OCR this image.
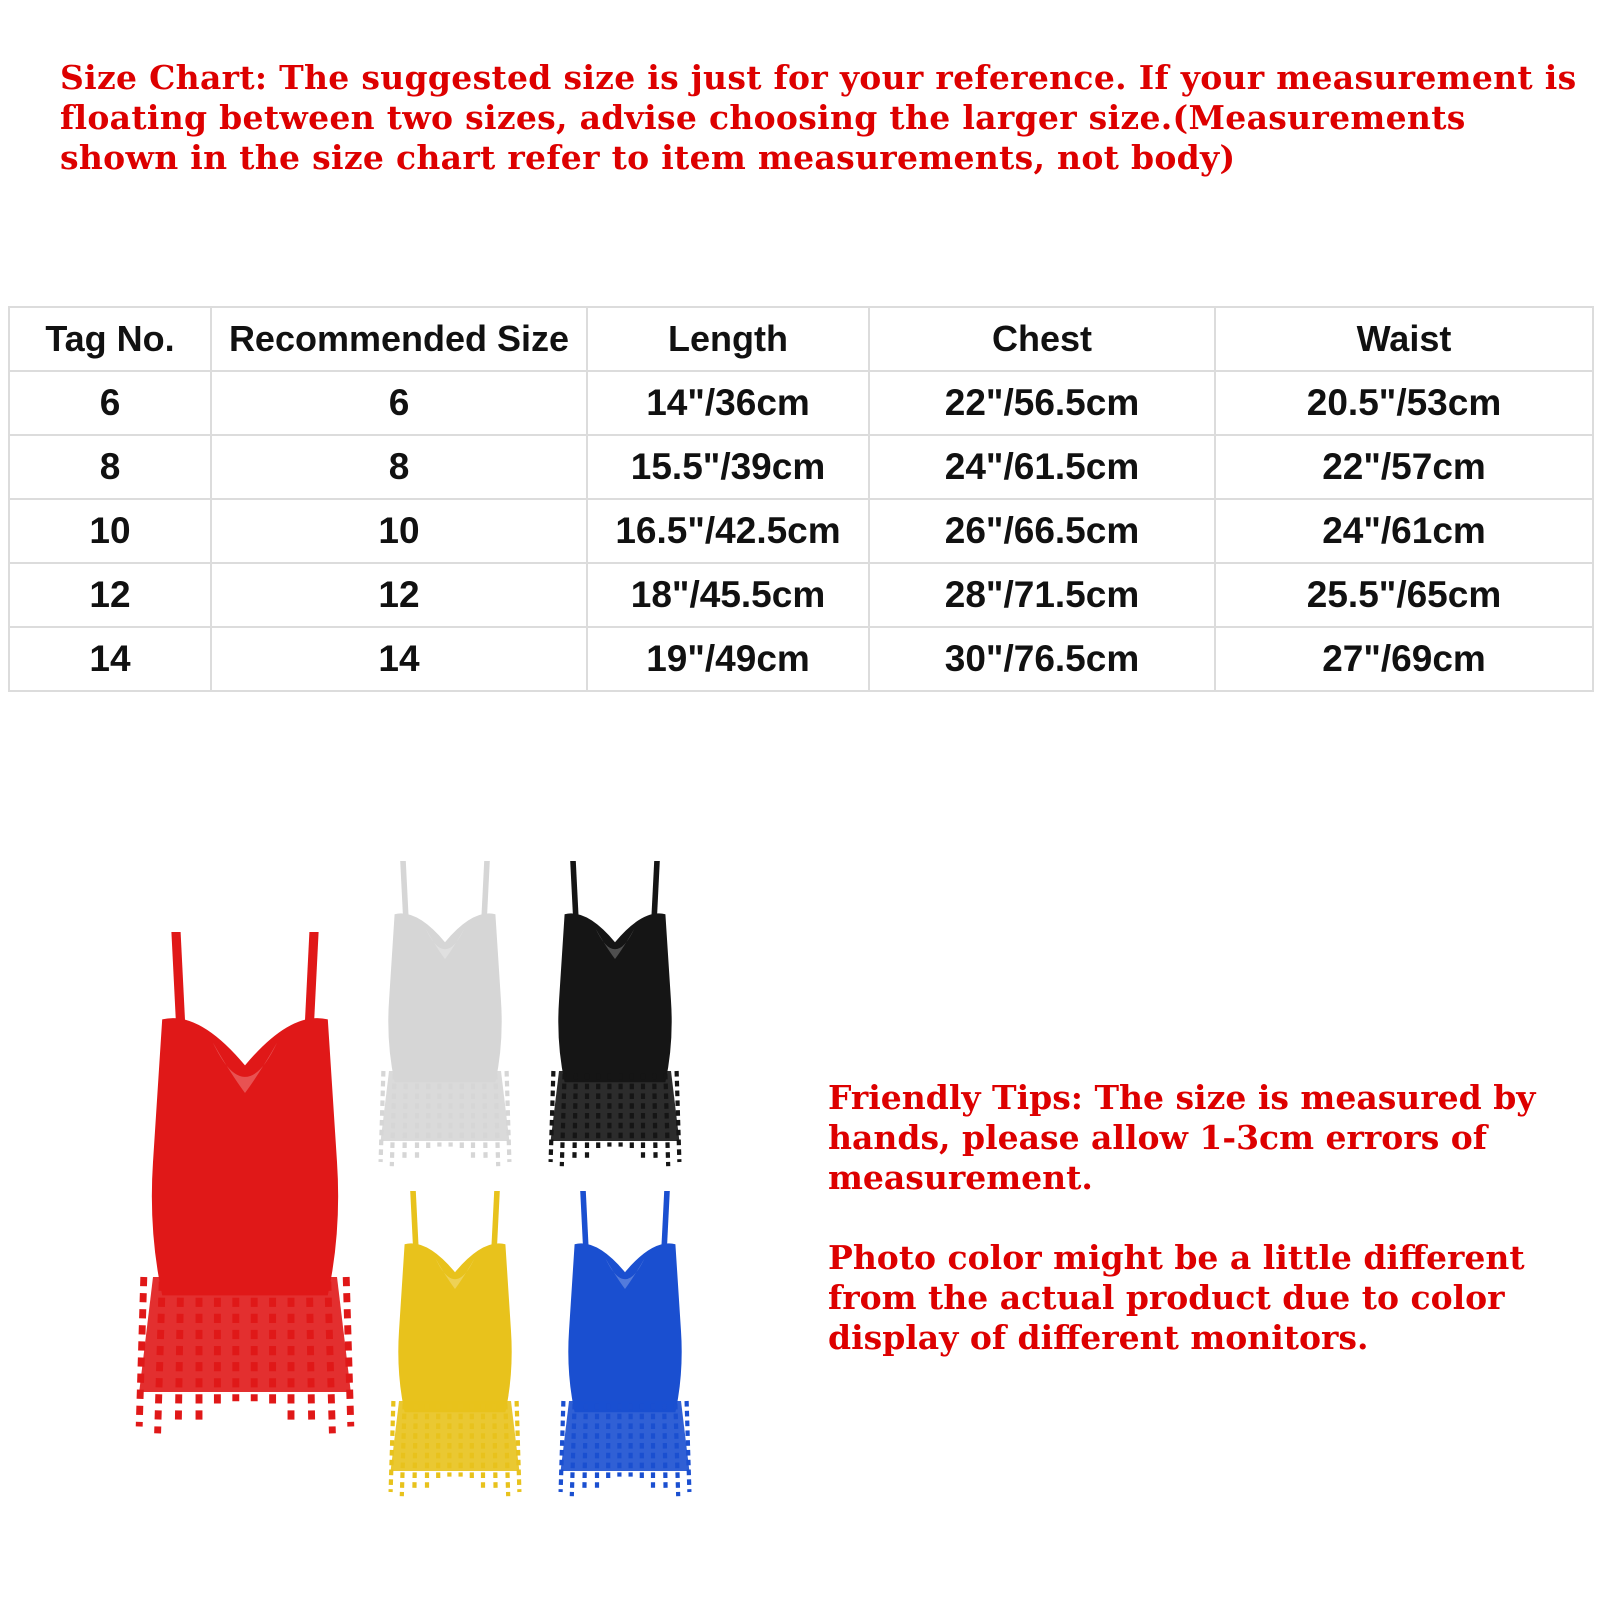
Size Chart: The suggested size is just for your reference. If your measurement is floating between two sizes, advise choosing the larger size.(Measurements shown in the size chart refer to item measurements, not body)

Tag No.	Recommended Size	Length	Chest	Waist
6	6	14"/36cm	22"/56.5cm	20.5"/53cm
8	8	15.5"/39cm	24"/61.5cm	22"/57cm
10	10	16.5"/42.5cm	26"/66.5cm	24"/61cm
12	12	18"/45.5cm	28"/71.5cm	25.5"/65cm
14	14	19"/49cm	30"/76.5cm	27"/69cm

Friendly Tips: The size is measured by hands, please allow 1-3cm errors of measurement.

Photo color might be a little different from the actual product due to color display of different monitors.
